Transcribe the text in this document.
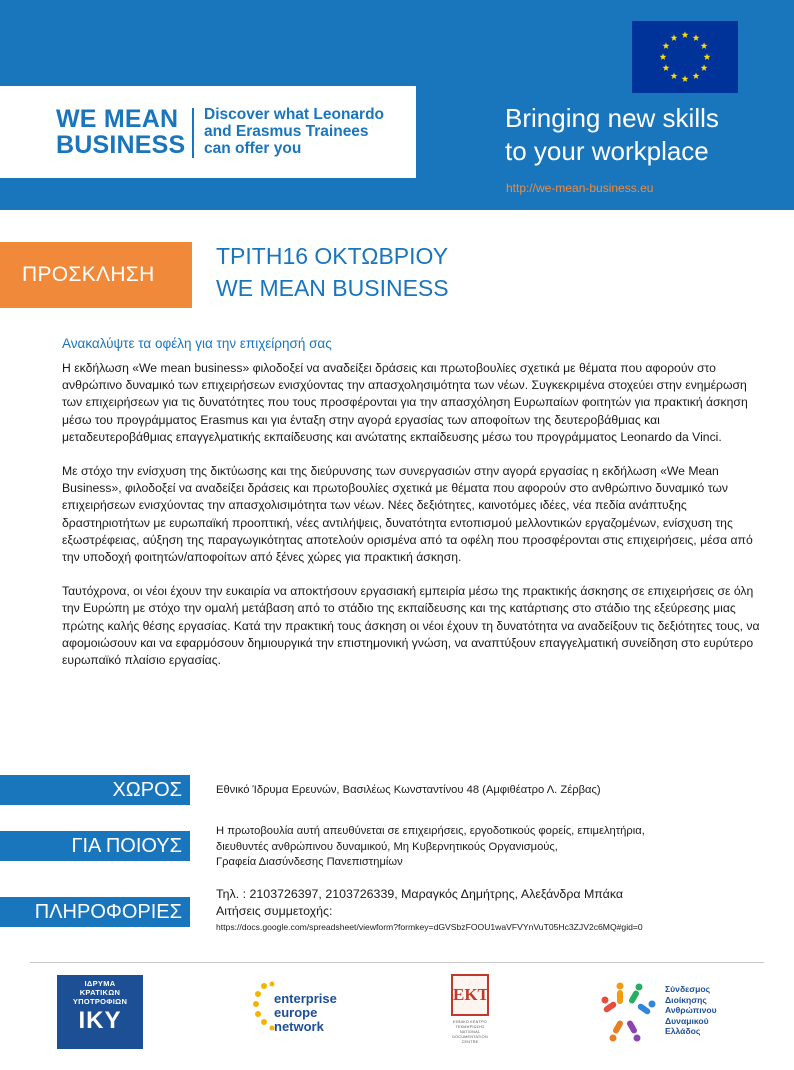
WE MEAN
BUSINESS
Discover what Leonardo
and Erasmus Trainees
can offer you
Bringing new skills
to your workplace
http://we-mean-business.eu
ΠΡΟΣΚΛΗΣΗ
ΤΡΙΤΗ16 ΟΚΤΩΒΡΙΟΥ
WE MEAN BUSINESS
Ανακαλύψτε τα οφέλη για την επιχείρησή σας

Η εκδήλωση «We mean business» φιλοδοξεί να αναδείξει δράσεις και πρωτοβουλίες σχετικά με θέματα που αφορούν στο ανθρώπινο δυναμικό των επιχειρήσεων ενισχύοντας την απασχολησιμότητα των νέων. Συγκεκριμένα στοχεύει στην ενημέρωση των επιχειρήσεων για τις δυνατότητες που τους προσφέρονται για την απασχόληση Ευρωπαίων φοιτητών για πρακτική άσκηση μέσω του προγράμματος Erasmus και για ένταξη στην αγορά εργασίας των αποφοίτων της δευτεροβάθμιας και μεταδευτεροβάθμιας επαγγελματικής εκπαίδευσης και ανώτατης εκπαίδευσης μέσω του προγράμματος Leonardo da Vinci.

Με στόχο την ενίσχυση της δικτύωσης και της διεύρυνσης των συνεργασιών στην αγορά εργασίας η εκδήλωση «We Mean Business», φιλοδοξεί να αναδείξει δράσεις και πρωτοβουλίες σχετικά με θέματα που αφορούν στο ανθρώπινο δυναμικό των επιχειρήσεων ενισχύοντας την απασχολισιμότητα των νέων. Νέες δεξιότητες, καινοτόμες ιδέες, νέα πεδία ανάπτυξης δραστηριοτήτων με ευρωπαϊκή προοπτική, νέες αντιλήψεις, δυνατότητα εντοπισμού μελλοντικών εργαζομένων, ενίσχυση της εξωστρέφειας, αύξηση της παραγωγικότητας αποτελούν ορισμένα από τα οφέλη που προσφέρονται στις επιχειρήσεις, μέσα από την υποδοχή φοιτητών/αποφοίτων από ξένες χώρες για πρακτική άσκηση.

Ταυτόχρονα, οι νέοι έχουν την ευκαιρία να αποκτήσουν εργασιακή εμπειρία μέσω της πρακτικής άσκησης σε επιχειρήσεις σε όλη την Ευρώπη με στόχο την ομαλή μετάβαση από το στάδιο της εκπαίδευσης και της κατάρτισης στο στάδιο της εξεύρεσης μιας πρώτης καλής θέσης εργασίας. Κατά την πρακτική τους άσκηση οι νέοι έχουν τη δυνατότητα να αναδείξουν τις δεξιότητες τους, να αφομοιώσουν και να εφαρμόσουν δημιουργικά την επιστημονική γνώση, να αναπτύξουν επαγγελματική συνείδηση στο ευρύτερο ευρωπαϊκό πλαίσιο εργασίας.

ΧΩΡΟΣ	Εθνικό Ίδρυμα Ερευνών, Βασιλέως Κωνσταντίνου 48 (Αμφιθέατρο Λ. Ζέρβας)
ΓΙΑ ΠΟΙΟΥΣ
Η πρωτοβουλία αυτή απευθύνεται σε επιχειρήσεις, εργοδοτικούς φορείς, επιμελητήρια,
διευθυντές ανθρώπινου δυναμικού, Μη Κυβερνητικούς Οργανισμούς,
Γραφεία Διασύνδεσης Πανεπιστημίων
ΠΛΗΡΟΦΟΡΙΕΣ
Τηλ. : 2103726397, 2103726339, Μαραγκός Δημήτρης, Αλεξάνδρα Μπάκα
Αιτήσεις συμμετοχής:
https://docs.google.com/spreadsheet/viewform?formkey=dGVSbzFOOU1waVFVYnVuT05Hc3ZJV2c6MQ#gid=0
ΙΔΡΥΜΑ
ΚΡΑΤΙΚΩΝ
ΥΠΟΤΡΟΦΙΩΝ
ΙΚΥ
enterprise
europe
network
ΕΚΤ
ΕΘΝΙΚΟ ΚΕΝΤΡΟ
ΤΕΚΜΗΡΙΩΣΗΣ
NATIONAL
DOCUMENTATION
CENTRE
Σύνδεσμος
Διοίκησης
Ανθρώπινου
Δυναμικού
Ελλάδος
